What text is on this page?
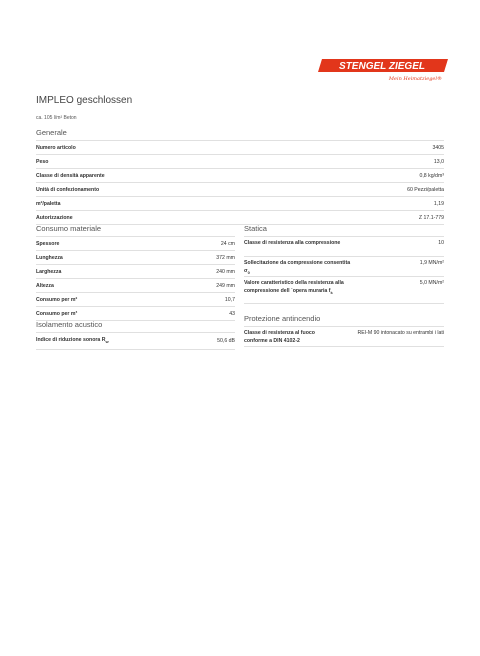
STENGEL ZIEGEL
Mein Heimatziegel®
IMPLEO geschlossen
ca. 105 l/m² Beton
Generale
Numero articolo	3405
Peso	13,0
Classe di densità apparente	0,8 kg/dm³
Unità di confezionamento	60 Pezzi/paletta
m²/paletta	1,19
Autorizzazione	Z 17.1-779
Consumo materiale
Spessore	24 cm
Lunghezza	372 mm
Larghezza	240 mm
Altezza	249 mm
Consumo per m²	10,7
Consumo per m³	43
Isolamento acustico
Indice di riduzione sonora $R_w$	50,6 dB
Statica
Classe di resistenza alla compressione	10
Sollecitazione da compressione consentita $\sigma_0$	1,9 MN/m²
Valore caratteristico della resistenza alla compressione dell ´opera muraria $f_k$	5,0 MN/m²
Protezione antincendio
Classe di resistenza al fuoco conforme a DIN 4102-2	REI-M 90 intonacato su entrambi i lati
